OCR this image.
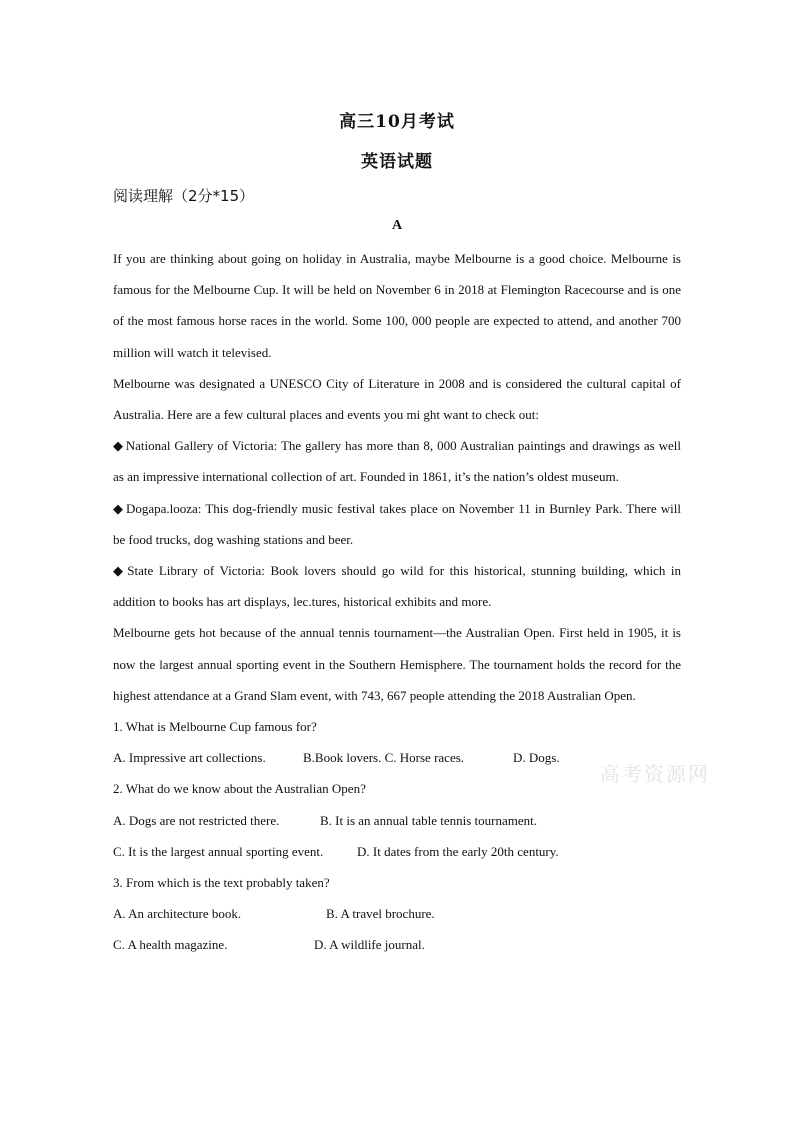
高三10月考试
英语试题
阅读理解（2分*15）
A

If you are thinking about going on holiday in Australia, maybe Melbourne is a good choice. Melbourne is famous for the Melbourne Cup. It will be held on November 6 in 2018 at Flemington Racecourse and is one of the most famous horse races in the world. Some 100, 000 people are expected to attend, and another 700 million will watch it televised.

Melbourne was designated a UNESCO City of Literature in 2008 and is considered the cultural capital of Australia. Here are a few cultural places and events you mi ght want to check out:

◆ National Gallery of Victoria: The gallery has more than 8, 000 Australian paintings and drawings as well as an impressive international collection of art. Founded in 1861, it’s the nation’s oldest museum.

◆ Dogapa.looza: This dog-friendly music festival takes place on November 11 in Burnley Park. There will be food trucks, dog washing stations and beer.

◆ State Library of Victoria: Book lovers should go wild for this historical, stunning building, which in addition to books has art displays, lec.tures, historical exhibits and more.

Melbourne gets hot because of the annual tennis tournament—the Australian Open. First held in 1905, it is now the largest annual sporting event in the Southern Hemisphere. The tournament holds the record for the highest attendance at a Grand Slam event, with 743, 667 people attending the 2018 Australian Open.

1. What is Melbourne Cup famous for?

A. Impressive art collections.	B.Book lovers. C. Horse races.	D. Dogs.

2. What do we know about the Australian Open?

A. Dogs are not restricted there.	B. It is an annual table tennis tournament.
C. It is the largest annual sporting event.	D. It dates from the early 20th century.

3. From which is the text probably taken?

A. An architecture book.	B. A travel brochure.
C. A health magazine.	D. A wildlife journal.
高考资源网
